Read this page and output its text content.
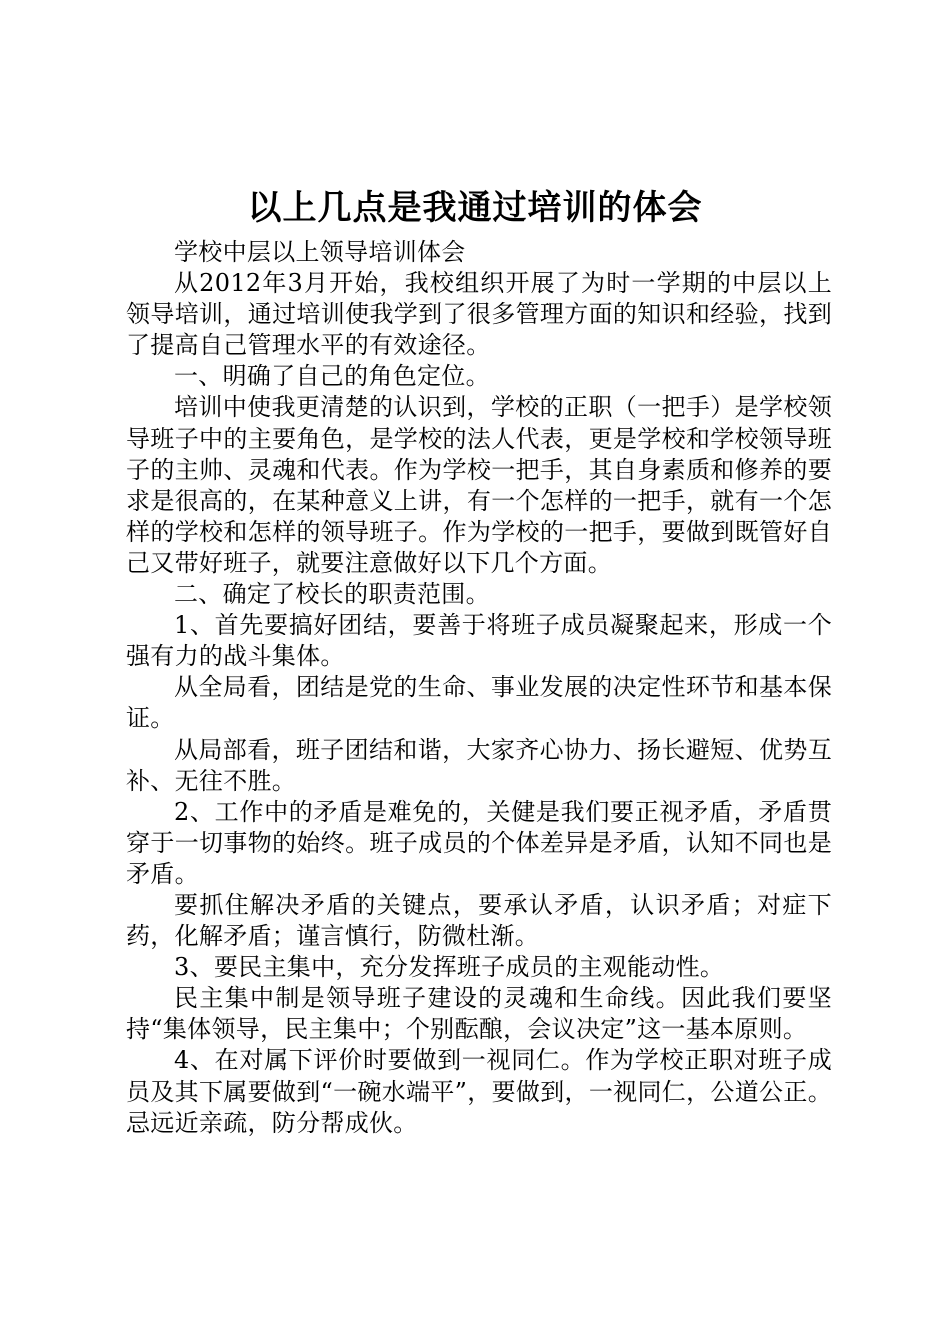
以上几点是我通过培训的体会

学校中层以上领导培训体会

从2012年3月开始，我校组织开展了为时一学期的中层以上领导培训，通过培训使我学到了很多管理方面的知识和经验，找到了提高自己管理水平的有效途径。

一、明确了自己的角色定位。

培训中使我更清楚的认识到，学校的正职（一把手）是学校领导班子中的主要角色，是学校的法人代表，更是学校和学校领导班子的主帅、灵魂和代表。作为学校一把手，其自身素质和修养的要求是很高的，在某种意义上讲，有一个怎样的一把手，就有一个怎样的学校和怎样的领导班子。作为学校的一把手，要做到既管好自己又带好班子，就要注意做好以下几个方面。

二、确定了校长的职责范围。

1、首先要搞好团结，要善于将班子成员凝聚起来，形成一个强有力的战斗集体。

从全局看，团结是党的生命、事业发展的决定性环节和基本保证。

从局部看，班子团结和谐，大家齐心协力、扬长避短、优势互补、无往不胜。

2、工作中的矛盾是难免的，关健是我们要正视矛盾，矛盾贯穿于一切事物的始终。班子成员的个体差异是矛盾，认知不同也是矛盾。

要抓住解决矛盾的关键点，要承认矛盾，认识矛盾；对症下药，化解矛盾；谨言慎行，防微杜渐。

3、要民主集中，充分发挥班子成员的主观能动性。

民主集中制是领导班子建设的灵魂和生命线。因此我们要坚持“集体领导，民主集中；个别酝酿，会议决定”这一基本原则。

4、在对属下评价时要做到一视同仁。作为学校正职对班子成员及其下属要做到“一碗水端平”，要做到，一视同仁，公道公正。忌远近亲疏，防分帮成伙。
